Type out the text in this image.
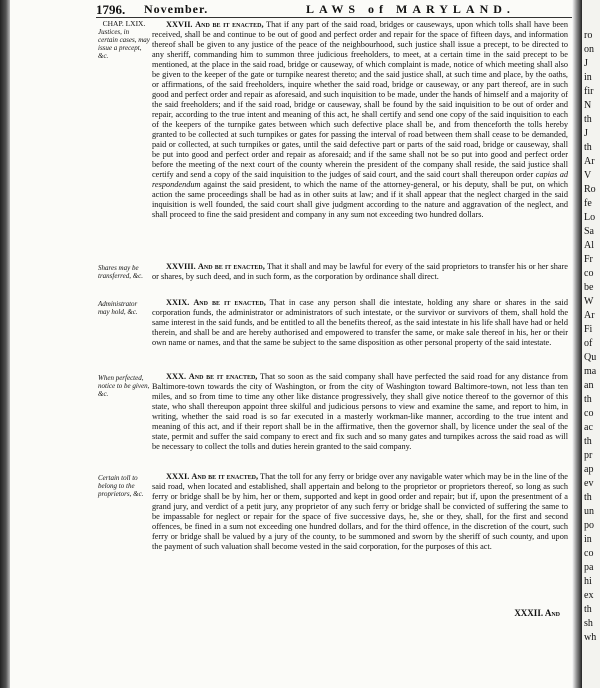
1796. November.	LAWS of MARYLAND.
CHAP. LXIX.
Justices, in certain cases, may issue a precept, &c.
Shares may be transferred, &c.
Administrator may hold, &c.
When perfected, notice to be given, &c.
Certain toll to belong to the proprietors, &c.

XXVII. And be it enacted, That if any part of the said road, bridges or causeways, upon which tolls shall have been received, shall be and continue to be out of good and perfect order and repair for the space of fifteen days, and information thereof shall be given to any justice of the peace of the neighbourhood, such justice shall issue a precept, to be directed to any sheriff, commanding him to summon three judicious freeholders, to meet, at a certain time in the said precept to be mentioned, at the place in the said road, bridge or causeway, of which complaint is made, notice of which meeting shall also be given to the keeper of the gate or turnpike nearest thereto; and the said justice shall, at such time and place, by the oaths, or affirmations, of the said freeholders, inquire whether the said road, bridge or causeway, or any part thereof, are in such good and perfect order and repair as aforesaid, and such inquisition to be made, under the hands of himself and a majority of the said freeholders; and if the said road, bridge or causeway, shall be found by the said inquisition to be out of order and repair, according to the true intent and meaning of this act, he shall certify and send one copy of the said inquisition to each of the keepers of the turnpike gates between which such defective place shall be, and from thenceforth the tolls hereby granted to be collected at such turnpikes or gates for passing the interval of road between them shall cease to be demanded, paid or collected, at such turnpikes or gates, until the said defective part or parts of the said road, bridge or causeway, shall be put into good and perfect order and repair as aforesaid; and if the same shall not be so put into good and perfect order before the meeting of the next court of the county wherein the president of the company shall reside, the said justice shall certify and send a copy of the said inquisition to the judges of said court, and the said court shall thereupon order capias ad respondendum against the said president, to which the name of the attorney-general, or his deputy, shall be put, on which action the same proceedings shall be had as in other suits at law; and if it shall appear that the neglect charged in the said inquisition is well founded, the said court shall give judgment according to the nature and aggravation of the neglect, and shall proceed to fine the said president and company in any sum not exceeding two hundred dollars.

XXVIII. And be it enacted, That it shall and may be lawful for every of the said proprietors to transfer his or her share or shares, by such deed, and in such form, as the corporation by ordinance shall direct.

XXIX. And be it enacted, That in case any person shall die intestate, holding any share or shares in the said corporation funds, the administrator or administrators of such intestate, or the survivor or survivors of them, shall hold the same interest in the said funds, and be entitled to all the benefits thereof, as the said intestate in his life shall have had or held therein, and shall be and are hereby authorised and empowered to transfer the same, or make sale thereof in his, her or their own name or names, and that the same be subject to the same disposition as other personal property of the said intestate.

XXX. And be it enacted, That so soon as the said company shall have perfected the said road for any distance from Baltimore-town towards the city of Washington, or from the city of Washington toward Baltimore-town, not less than ten miles, and so from time to time any other like distance progressively, they shall give notice thereof to the governor of this state, who shall thereupon appoint three skilful and judicious persons to view and examine the same, and report to him, in writing, whether the said road is so far executed in a masterly workman-like manner, according to the true intent and meaning of this act, and if their report shall be in the affirmative, then the governor shall, by licence under the seal of the state, permit and suffer the said company to erect and fix such and so many gates and turnpikes across the said road as will be necessary to collect the tolls and duties herein granted to the said company.

XXXI. And be it enacted, That the toll for any ferry or bridge over any navigable water which may be in the line of the said road, when located and established, shall appertain and belong to the proprietor or proprietors thereof, so long as such ferry or bridge shall be by him, her or them, supported and kept in good order and repair; but if, upon the presentment of a grand jury, and verdict of a petit jury, any proprietor of any such ferry or bridge shall be convicted of suffering the same to be impassable for neglect or repair for the space of five successive days, he, she or they, shall, for the first and second offences, be fined in a sum not exceeding one hundred dollars, and for the third offence, in the discretion of the court, such ferry or bridge shall be valued by a jury of the county, to be summoned and sworn by the sheriff of such county, and upon the payment of such valuation shall become vested in the said corporation, for the purposes of this act.

XXXII. And
ro
on
J
in
fir
N
th
J
th
Ar
V
Ro
fe
Lo
Sa
Al
Fr
co
be
W
Ar
Fi
of
Qu
ma
an
th
co
ac
th
pr
ap
ev
th
un
po
in
co
pa
hi
ex
th
sh
wh
